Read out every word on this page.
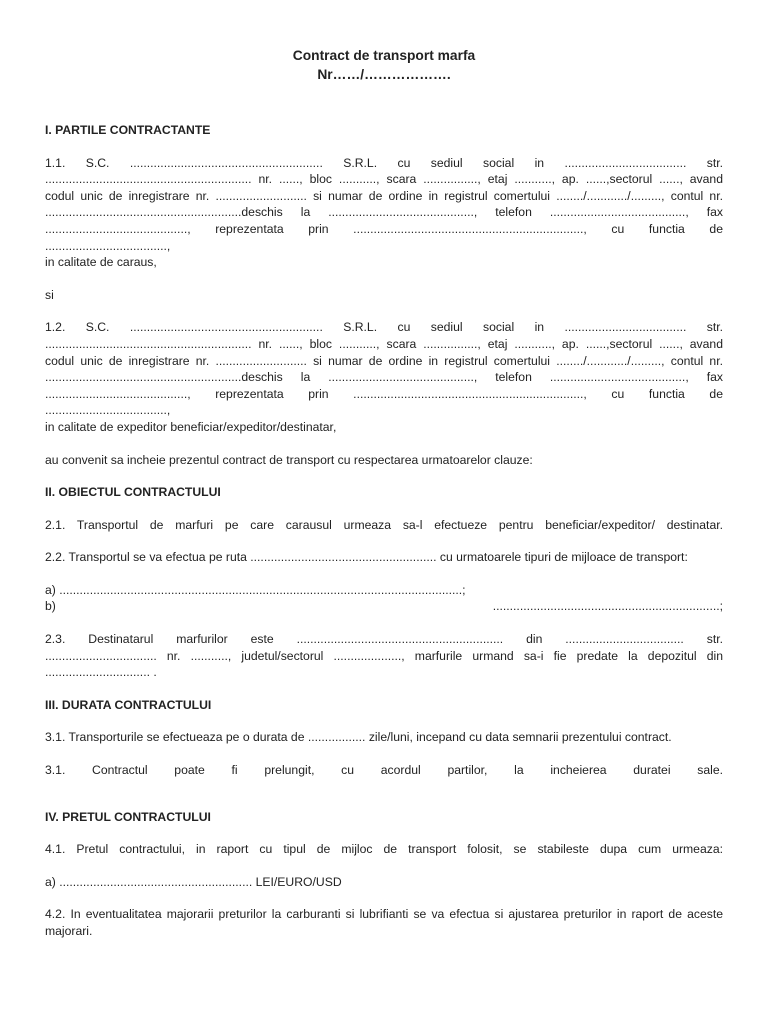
Contract de transport marfa

Nr……/……………….

I. PARTILE CONTRACTANTE

1.1. S.C. ......................................................... S.R.L. cu sediul social in .................................... str.

............................................................. nr. ......, bloc ..........., scara ................, etaj ..........., ap. ......,sectorul ......, avand

codul unic de inregistrare nr. ........................... si numar de ordine in registrul comertului ......../............/........., contul nr.

..........................................................deschis la ..........................................., telefon ........................................, fax

.........................................., reprezentata prin ...................................................................., cu functia de

....................................,

in calitate de caraus,

si

1.2. S.C. ......................................................... S.R.L. cu sediul social in .................................... str.

............................................................. nr. ......, bloc ..........., scara ................, etaj ..........., ap. ......,sectorul ......, avand

codul unic de inregistrare nr. ........................... si numar de ordine in registrul comertului ......../............/........., contul nr.

..........................................................deschis la ..........................................., telefon ........................................, fax

.........................................., reprezentata prin ...................................................................., cu functia de

....................................,

in calitate de expeditor beneficiar/expeditor/destinatar,

au convenit sa incheie prezentul contract de transport cu respectarea urmatoarelor clauze:

II. OBIECTUL CONTRACTULUI

2.1. Transportul de marfuri pe care carausul urmeaza sa-l efectueze pentru beneficiar/expeditor/ destinatar.

2.2. Transportul se va efectua pe ruta ....................................................... cu urmatoarele tipuri de mijloace de transport:

a) .......................................................................................................................;

b)	...................................................................;

2.3. Destinatarul marfurilor este ............................................................. din ................................... str.

................................. nr. ..........., judetul/sectorul ...................., marfurile urmand sa-i fie predate la depozitul din

............................... .

III. DURATA CONTRACTULUI

3.1. Transporturile se efectueaza pe o durata de ................. zile/luni, incepand cu data semnarii prezentului contract.

3.1. Contractul poate fi prelungit, cu acordul partilor, la incheierea duratei sale.

IV. PRETUL CONTRACTULUI

4.1. Pretul contractului, in raport cu tipul de mijloc de transport folosit, se stabileste dupa cum urmeaza:

a) ......................................................... LEI/EURO/USD

4.2. In eventualitatea majorarii preturilor la carburanti si lubrifianti se va efectua si ajustarea preturilor in raport de aceste majorari.
